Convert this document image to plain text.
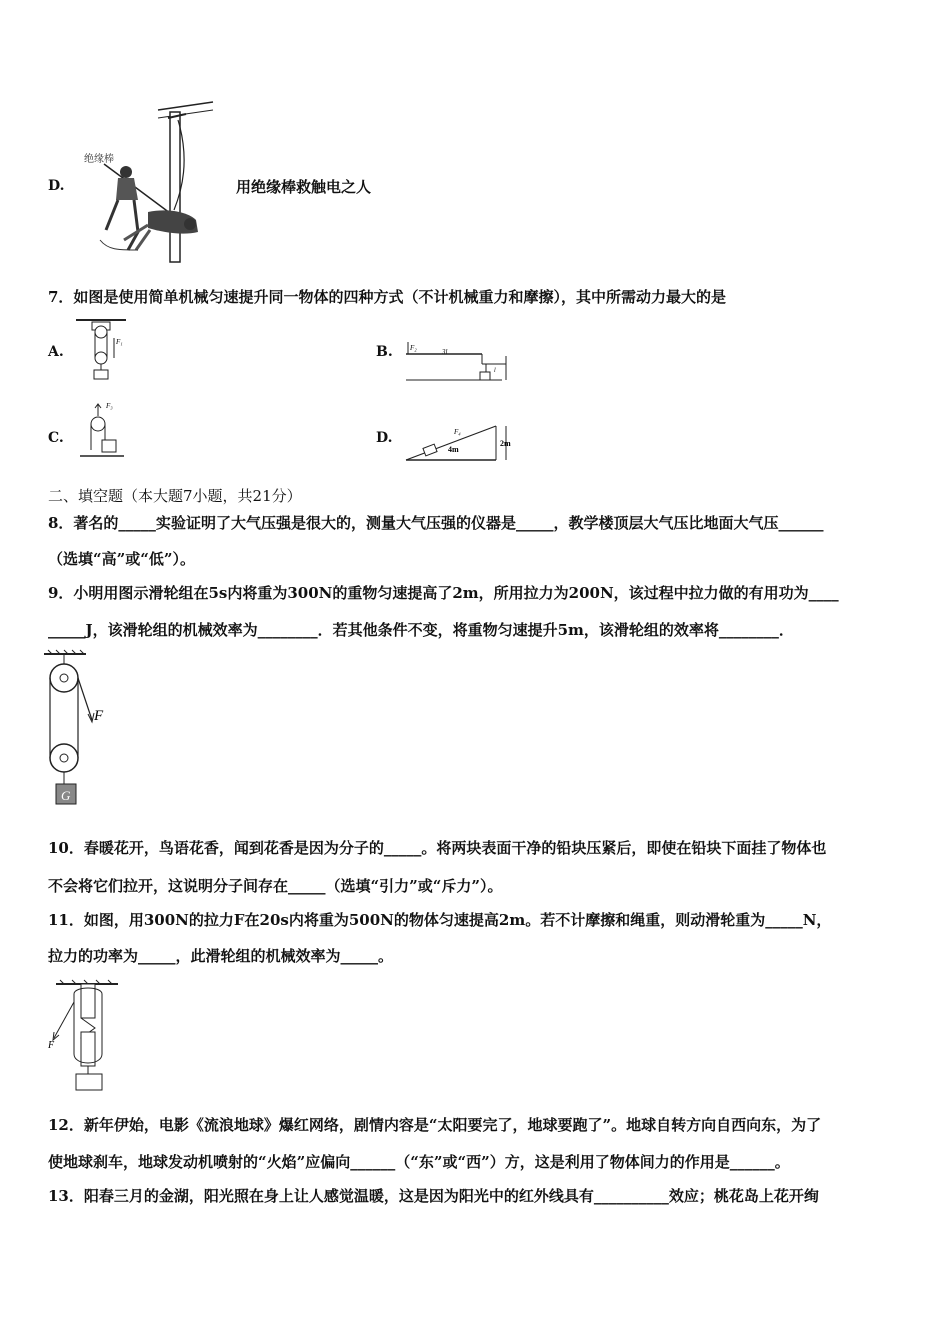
D.
绝缘棒
用绝缘棒救触电之人
7．如图是使用简单机械匀速提升同一物体的四种方式（不计机械重力和摩擦），其中所需动力最大的是
A.
F₁
B. F₂	3l
l
C.
F₃
D.	F₄
4m
2m
二、填空题（本大题7小题，共21分）
8．著名的_____实验证明了大气压强是很大的，测量大气压强的仪器是_____，教学楼顶层大气压比地面大气压______
（选填“高”或“低”）。
9．小明用图示滑轮组在5s内将重为300N的重物匀速提高了2m，所用拉力为200N，该过程中拉力做的有用功为____
_____J，该滑轮组的机械效率为________．若其他条件不变，将重物匀速提升5m，该滑轮组的效率将________．
F
G
10．春暖花开，鸟语花香，闻到花香是因为分子的_____。将两块表面干净的铅块压紧后，即使在铅块下面挂了物体也
不会将它们拉开，这说明分子间存在_____（选填“引力”或“斥力”）。
11．如图，用300N的拉力F在20s内将重为500N的物体匀速提高2m。若不计摩擦和绳重，则动滑轮重为_____N，
拉力的功率为_____，此滑轮组的机械效率为_____。
F
12．新年伊始，电影《流浪地球》爆红网络，剧情内容是“太阳要完了，地球要跑了”。地球自转方向自西向东，为了
使地球刹车，地球发动机喷射的“火焰”应偏向______（“东”或“西”）方，这是利用了物体间力的作用是______。
13．阳春三月的金湖，阳光照在身上让人感觉温暖，这是因为阳光中的红外线具有__________效应；桃花岛上花开绚
